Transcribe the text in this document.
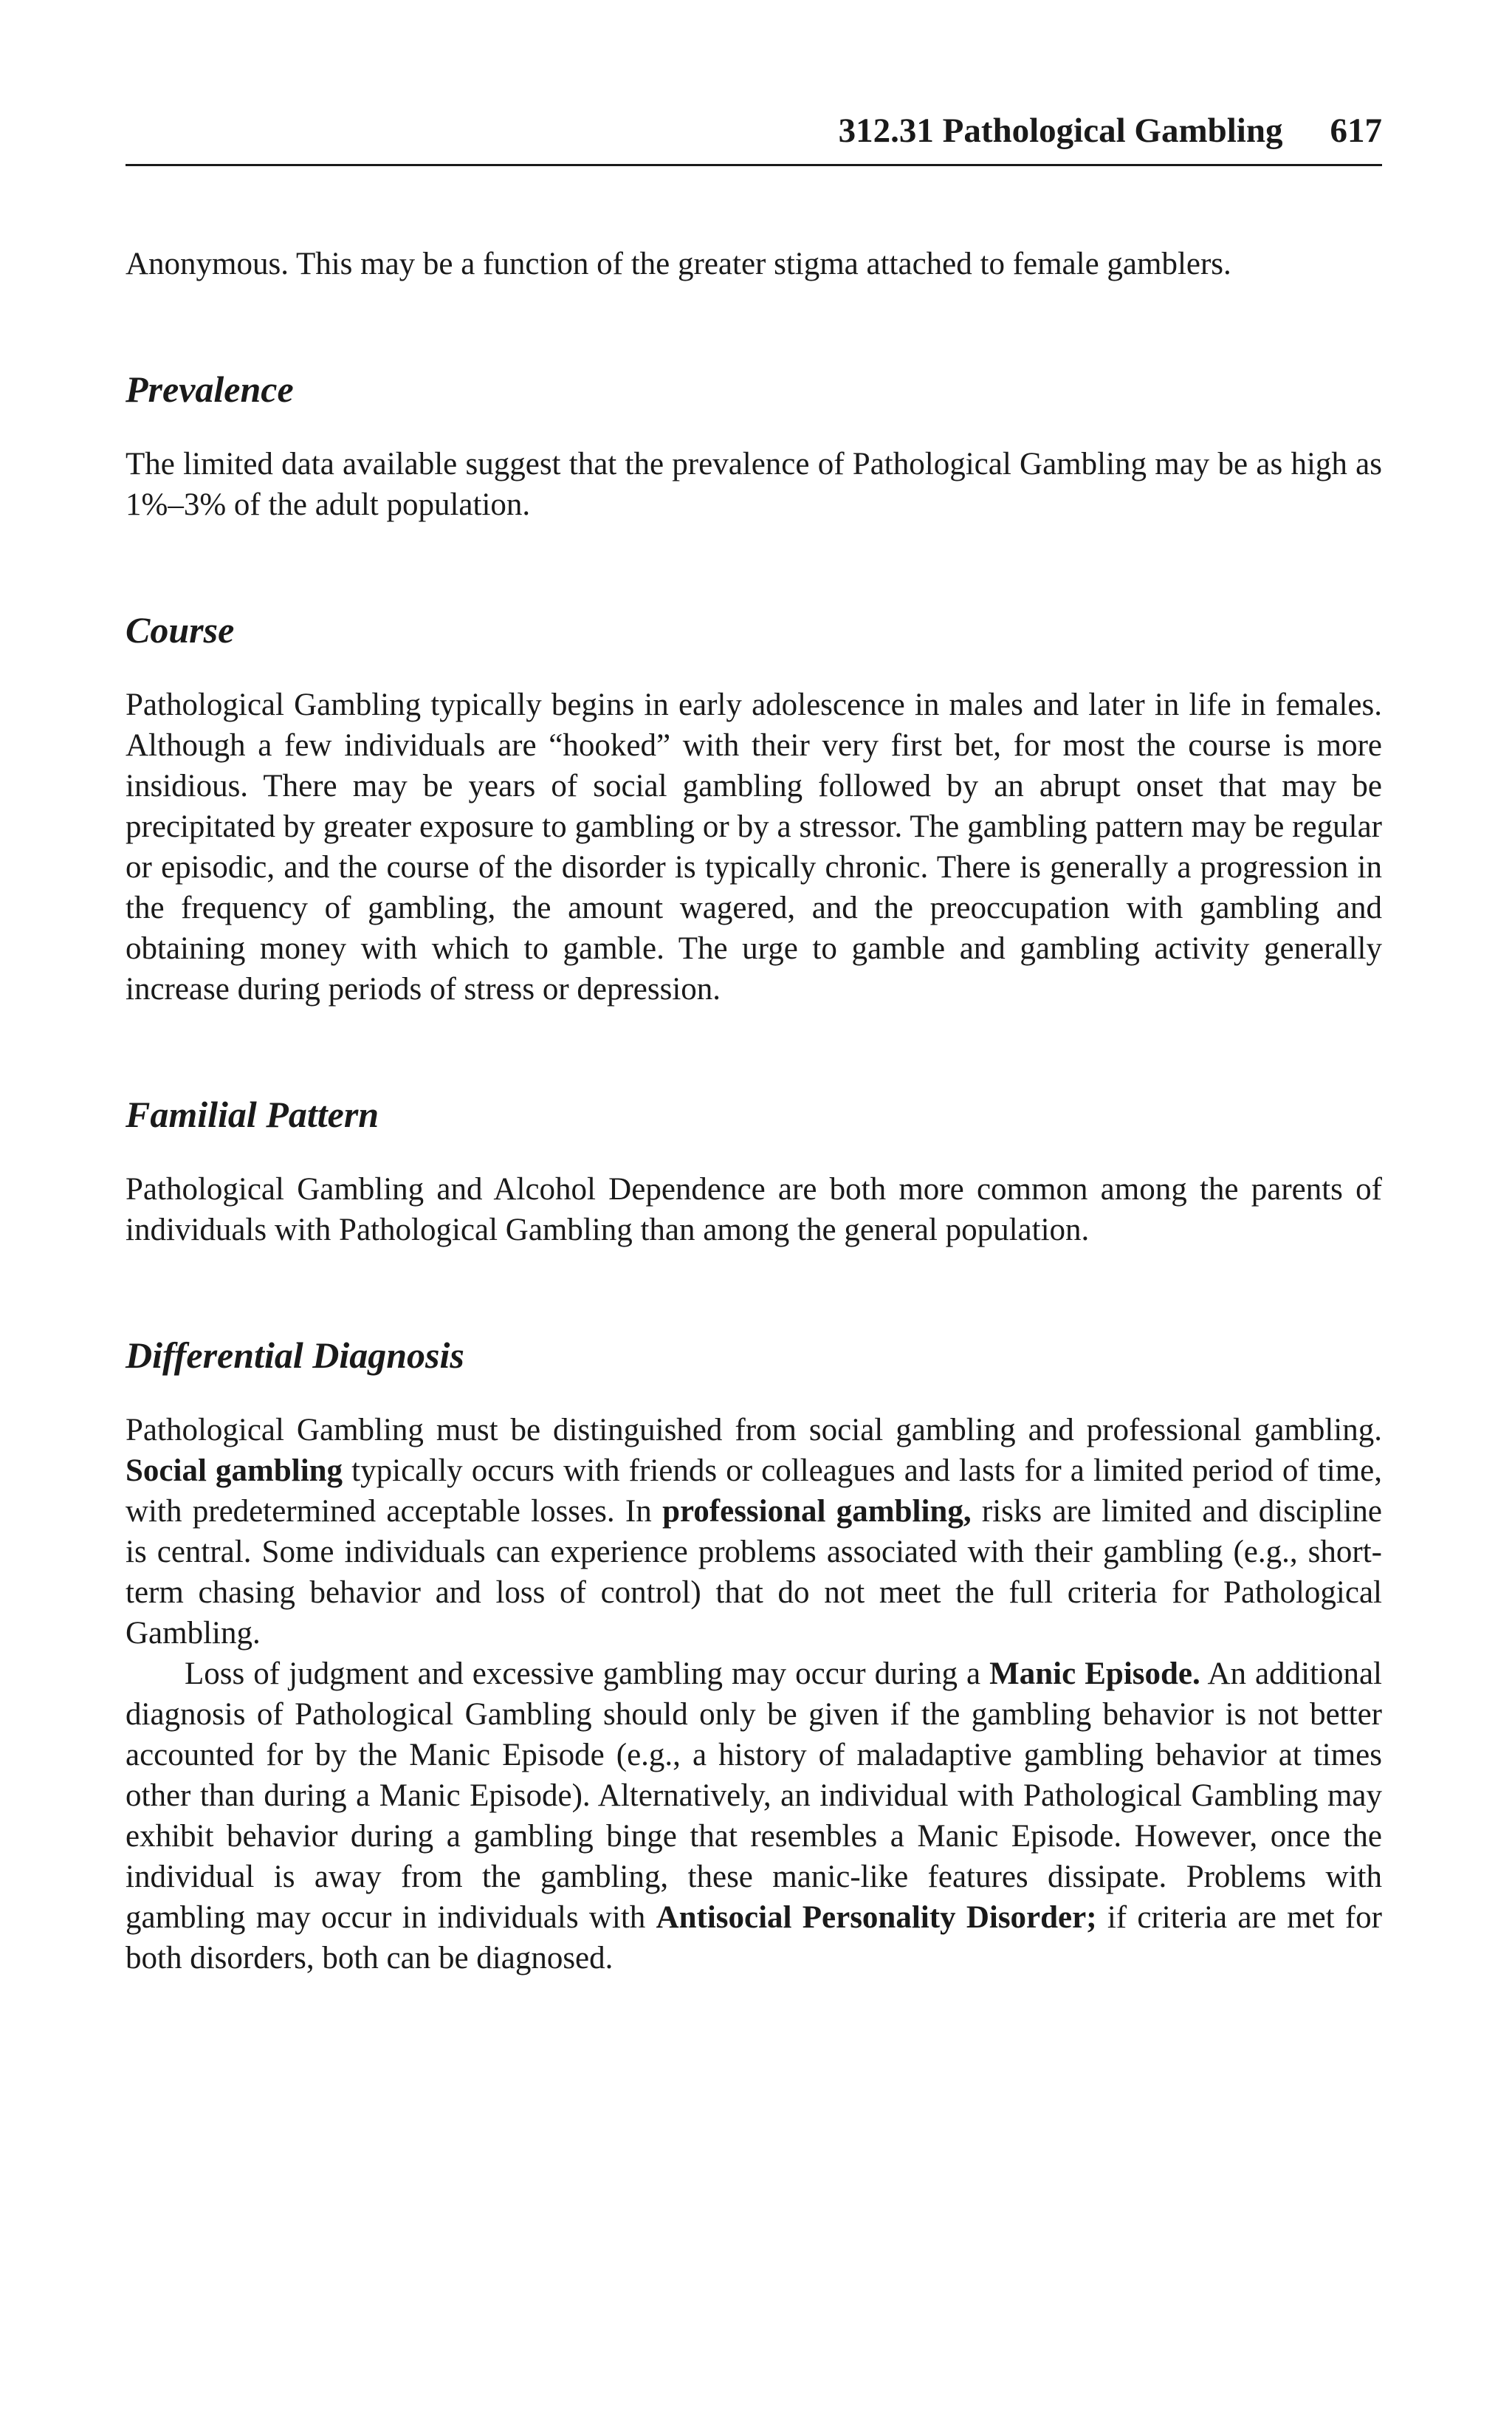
312.31 Pathological Gambling 617

Anonymous. This may be a function of the greater stigma attached to female gamblers.

Prevalence

The limited data available suggest that the prevalence of Pathological Gambling may be as high as 1%–3% of the adult population.

Course

Pathological Gambling typically begins in early adolescence in males and later in life in females. Although a few individuals are “hooked” with their very first bet, for most the course is more insidious. There may be years of social gambling followed by an abrupt onset that may be precipitated by greater exposure to gambling or by a stressor. The gambling pattern may be regular or episodic, and the course of the disorder is typically chronic. There is generally a progression in the frequency of gambling, the amount wagered, and the preoccupation with gambling and obtaining money with which to gamble. The urge to gamble and gambling activity generally increase during periods of stress or depression.

Familial Pattern

Pathological Gambling and Alcohol Dependence are both more common among the parents of individuals with Pathological Gambling than among the general population.

Differential Diagnosis

Pathological Gambling must be distinguished from social gambling and professional gambling. Social gambling typically occurs with friends or colleagues and lasts for a limited period of time, with predetermined acceptable losses. In professional gambling, risks are limited and discipline is central. Some individuals can experience problems associated with their gambling (e.g., short-term chasing behavior and loss of control) that do not meet the full criteria for Pathological Gambling.

Loss of judgment and excessive gambling may occur during a Manic Episode. An additional diagnosis of Pathological Gambling should only be given if the gambling behavior is not better accounted for by the Manic Episode (e.g., a history of maladaptive gambling behavior at times other than during a Manic Episode). Alternatively, an individual with Pathological Gambling may exhibit behavior during a gambling binge that resembles a Manic Episode. However, once the individual is away from the gambling, these manic-like features dissipate. Problems with gambling may occur in individuals with Antisocial Personality Disorder; if criteria are met for both disorders, both can be diagnosed.
